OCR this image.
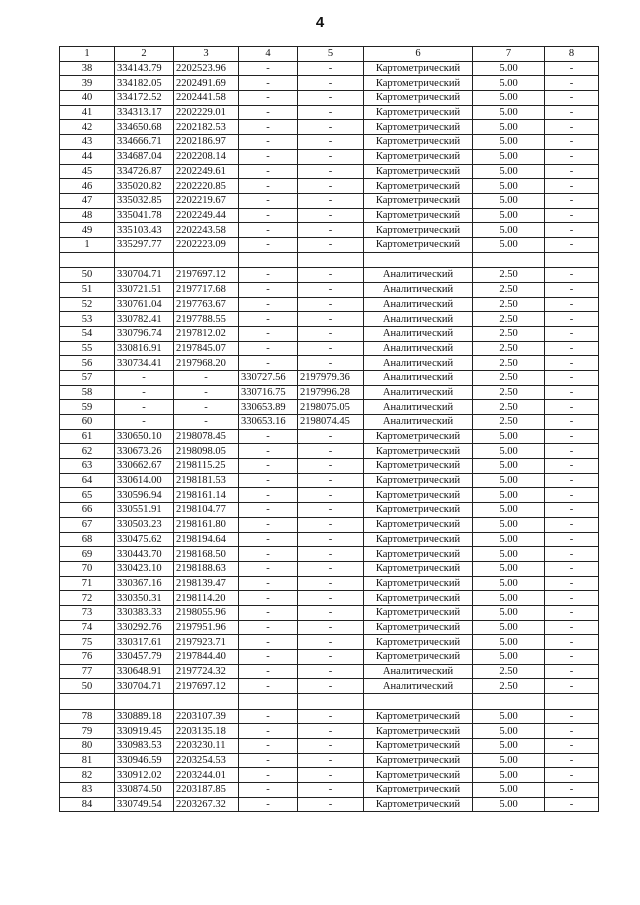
4
1	2	3	4	5	6	7	8
38	334143.79	2202523.96	-	-	Картометрический	5.00	-
39	334182.05	2202491.69	-	-	Картометрический	5.00	-
40	334172.52	2202441.58	-	-	Картометрический	5.00	-
41	334313.17	2202229.01	-	-	Картометрический	5.00	-
42	334650.68	2202182.53	-	-	Картометрический	5.00	-
43	334666.71	2202186.97	-	-	Картометрический	5.00	-
44	334687.04	2202208.14	-	-	Картометрический	5.00	-
45	334726.87	2202249.61	-	-	Картометрический	5.00	-
46	335020.82	2202220.85	-	-	Картометрический	5.00	-
47	335032.85	2202219.67	-	-	Картометрический	5.00	-
48	335041.78	2202249.44	-	-	Картометрический	5.00	-
49	335103.43	2202243.58	-	-	Картометрический	5.00	-
1	335297.77	2202223.09	-	-	Картометрический	5.00	-

50	330704.71	2197697.12	-	-	Аналитический	2.50	-
51	330721.51	2197717.68	-	-	Аналитический	2.50	-
52	330761.04	2197763.67	-	-	Аналитический	2.50	-
53	330782.41	2197788.55	-	-	Аналитический	2.50	-
54	330796.74	2197812.02	-	-	Аналитический	2.50	-
55	330816.91	2197845.07	-	-	Аналитический	2.50	-
56	330734.41	2197968.20	-	-	Аналитический	2.50	-
57	-	-	330727.56	2197979.36	Аналитический	2.50	-
58	-	-	330716.75	2197996.28	Аналитический	2.50	-
59	-	-	330653.89	2198075.05	Аналитический	2.50	-
60	-	-	330653.16	2198074.45	Аналитический	2.50	-
61	330650.10	2198078.45	-	-	Картометрический	5.00	-
62	330673.26	2198098.05	-	-	Картометрический	5.00	-
63	330662.67	2198115.25	-	-	Картометрический	5.00	-
64	330614.00	2198181.53	-	-	Картометрический	5.00	-
65	330596.94	2198161.14	-	-	Картометрический	5.00	-
66	330551.91	2198104.77	-	-	Картометрический	5.00	-
67	330503.23	2198161.80	-	-	Картометрический	5.00	-
68	330475.62	2198194.64	-	-	Картометрический	5.00	-
69	330443.70	2198168.50	-	-	Картометрический	5.00	-
70	330423.10	2198188.63	-	-	Картометрический	5.00	-
71	330367.16	2198139.47	-	-	Картометрический	5.00	-
72	330350.31	2198114.20	-	-	Картометрический	5.00	-
73	330383.33	2198055.96	-	-	Картометрический	5.00	-
74	330292.76	2197951.96	-	-	Картометрический	5.00	-
75	330317.61	2197923.71	-	-	Картометрический	5.00	-
76	330457.79	2197844.40	-	-	Картометрический	5.00	-
77	330648.91	2197724.32	-	-	Аналитический	2.50	-
50	330704.71	2197697.12	-	-	Аналитический	2.50	-

78	330889.18	2203107.39	-	-	Картометрический	5.00	-
79	330919.45	2203135.18	-	-	Картометрический	5.00	-
80	330983.53	2203230.11	-	-	Картометрический	5.00	-
81	330946.59	2203254.53	-	-	Картометрический	5.00	-
82	330912.02	2203244.01	-	-	Картометрический	5.00	-
83	330874.50	2203187.85	-	-	Картометрический	5.00	-
84	330749.54	2203267.32	-	-	Картометрический	5.00	-
